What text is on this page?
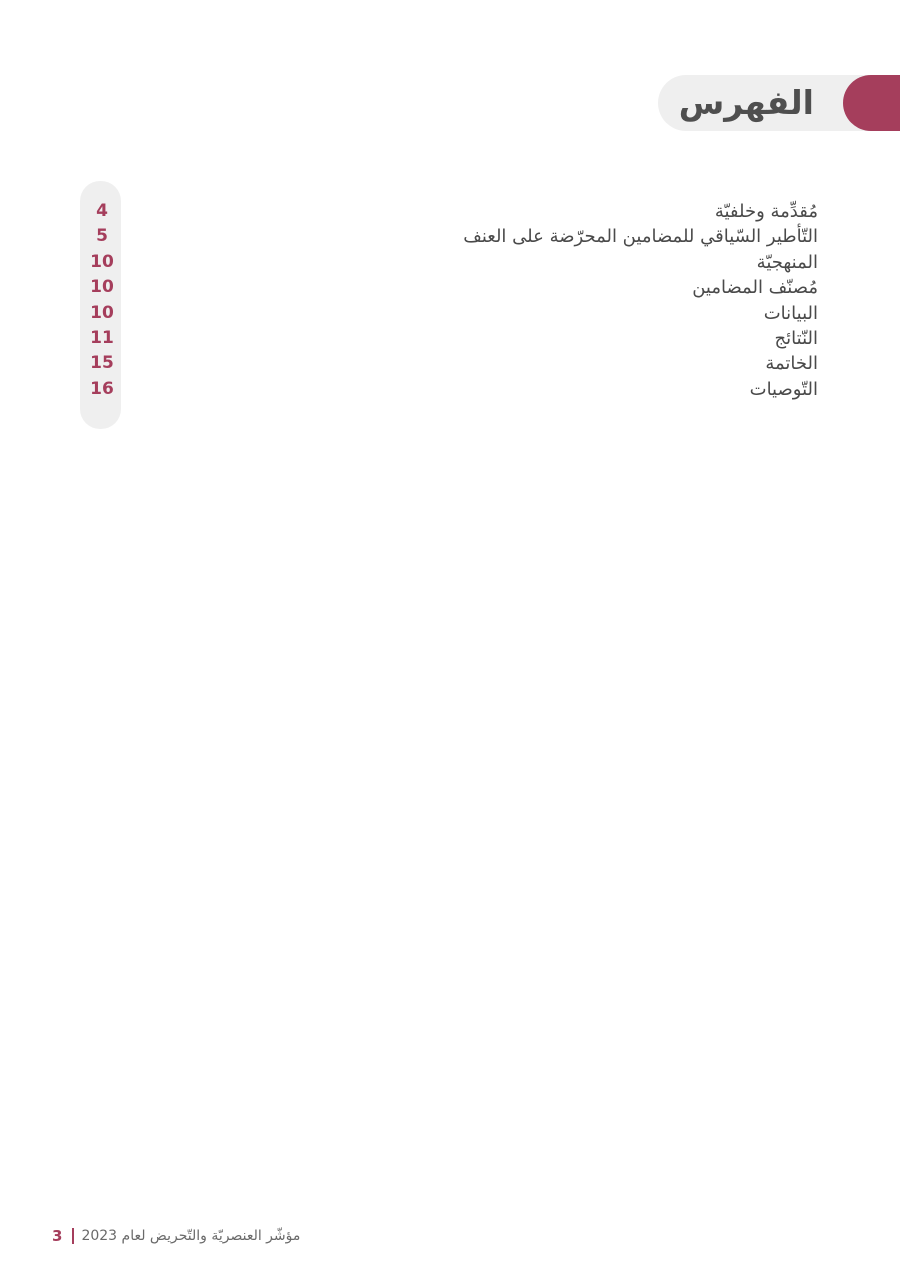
الفهرس
مُقدِّمة وخلفيّة
التّأطير السّياقي للمضامين المحرّضة على العنف
المنهجيّة
مُصنّف المضامين
البيانات
النّتائج
الخاتمة
التّوصيات
4
5
10
10
10
11
15
16
3 مؤشّر العنصريّة والتّحريض لعام 2023
